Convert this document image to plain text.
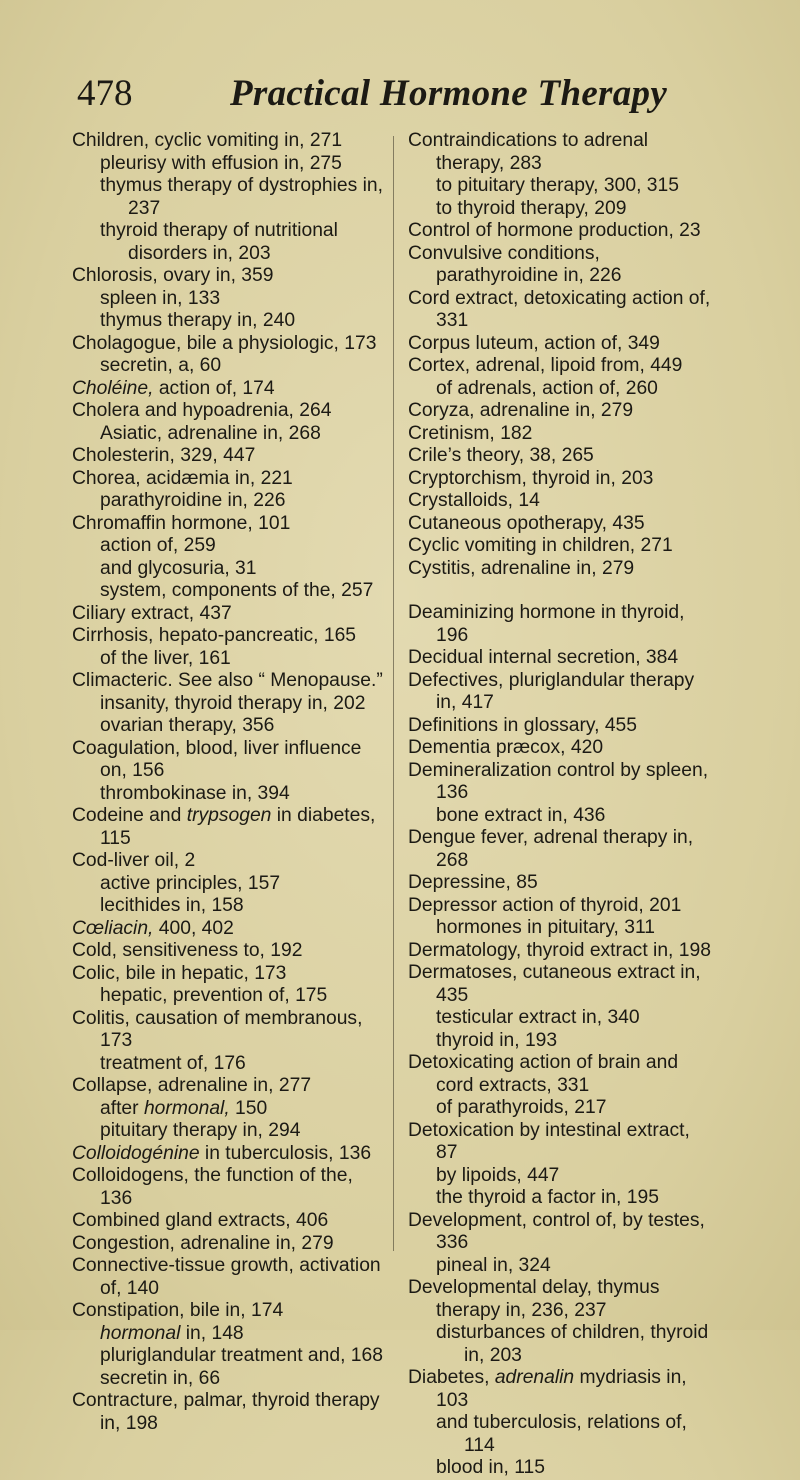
478	Practical Hormone Therapy
Children, cyclic vomiting in, 271
pleurisy with effusion in, 275
thymus therapy of dystrophies in, 237
thyroid therapy of nutritional disorders in, 203
Chlorosis, ovary in, 359
spleen in, 133
thymus therapy in, 240
Cholagogue, bile a physiologic, 173
secretin, a, 60
Choléine, action of, 174
Cholera and hypoadrenia, 264
Asiatic, adrenaline in, 268
Cholesterin, 329, 447
Chorea, acidæmia in, 221
parathyroidine in, 226
Chromaffin hormone, 101
action of, 259
and glycosuria, 31
system, components of the, 257
Ciliary extract, 437
Cirrhosis, hepato-pancreatic, 165
of the liver, 161
Climacteric. See also “ Menopause.”
insanity, thyroid therapy in, 202
ovarian therapy, 356
Coagulation, blood, liver influence on, 156
thrombokinase in, 394
Codeine and trypsogen in diabetes, 115
Cod-liver oil, 2
active principles, 157
lecithides in, 158
Cœliacin, 400, 402
Cold, sensitiveness to, 192
Colic, bile in hepatic, 173
hepatic, prevention of, 175
Colitis, causation of membranous, 173
treatment of, 176
Collapse, adrenaline in, 277
after hormonal, 150
pituitary therapy in, 294
Colloidogénine in tuberculosis, 136
Colloidogens, the function of the, 136
Combined gland extracts, 406
Congestion, adrenaline in, 279
Connective-tissue growth, activation of, 140
Constipation, bile in, 174
hormonal in, 148
pluriglandular treatment and, 168
secretin in, 66
Contracture, palmar, thyroid therapy in, 198
Contraindications to adrenal therapy, 283
to pituitary therapy, 300, 315
to thyroid therapy, 209
Control of hormone production, 23
Convulsive conditions, parathyroidine in, 226
Cord extract, detoxicating action of, 331
Corpus luteum, action of, 349
Cortex, adrenal, lipoid from, 449
of adrenals, action of, 260
Coryza, adrenaline in, 279
Cretinism, 182
Crile’s theory, 38, 265
Cryptorchism, thyroid in, 203
Crystalloids, 14
Cutaneous opotherapy, 435
Cyclic vomiting in children, 271
Cystitis, adrenaline in, 279
Deaminizing hormone in thyroid, 196
Decidual internal secretion, 384
Defectives, pluriglandular therapy in, 417
Definitions in glossary, 455
Dementia præcox, 420
Demineralization control by spleen, 136
bone extract in, 436
Dengue fever, adrenal therapy in, 268
Depressine, 85
Depressor action of thyroid, 201
hormones in pituitary, 311
Dermatology, thyroid extract in, 198
Dermatoses, cutaneous extract in, 435
testicular extract in, 340
thyroid in, 193
Detoxicating action of brain and cord extracts, 331
of parathyroids, 217
Detoxication by intestinal extract, 87
by lipoids, 447
the thyroid a factor in, 195
Development, control of, by testes, 336
pineal in, 324
Developmental delay, thymus therapy in, 236, 237
disturbances of children, thyroid in, 203
Diabetes, adrenalin mydriasis in, 103
and tuberculosis, relations of, 114
blood in, 115
